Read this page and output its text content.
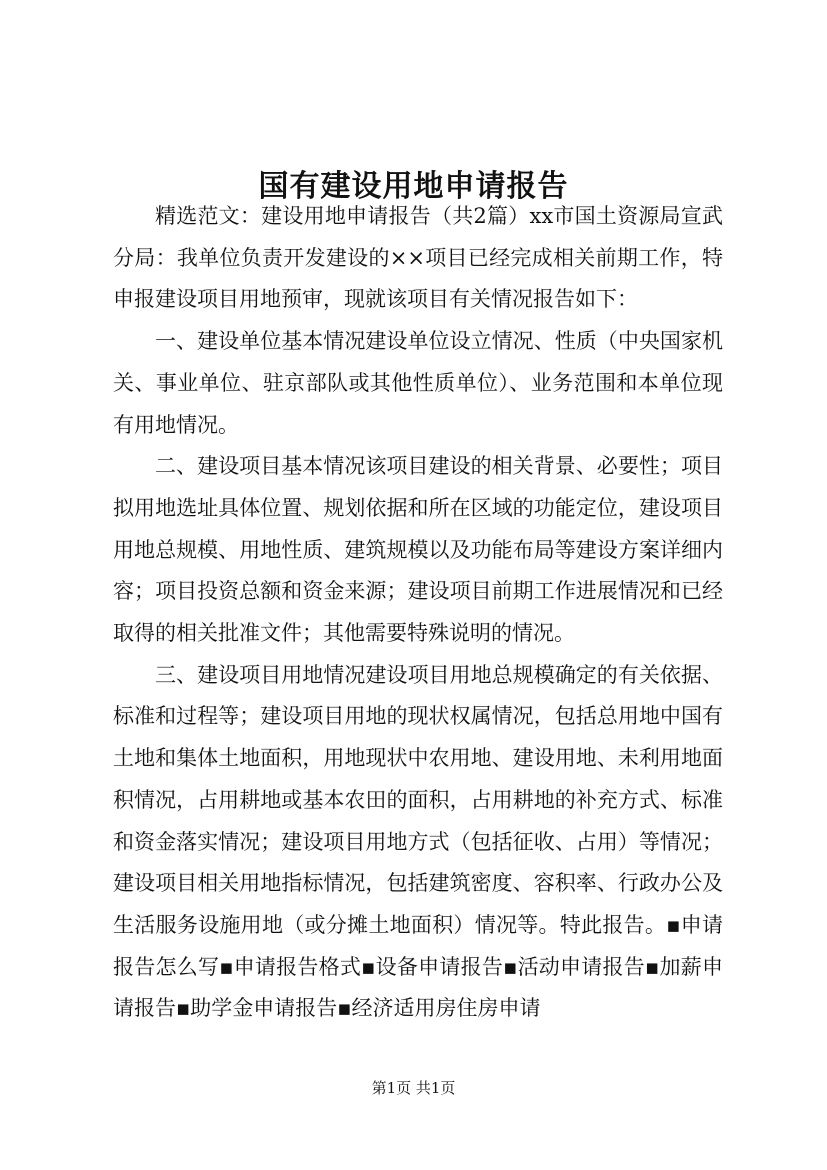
国有建设用地申请报告

精选范文：建设用地申请报告（共2篇）xx市国土资源局宣武分局：我单位负责开发建设的××项目已经完成相关前期工作，特申报建设项目用地预审，现就该项目有关情况报告如下：

一、建设单位基本情况建设单位设立情况、性质（中央国家机关、事业单位、驻京部队或其他性质单位）、业务范围和本单位现有用地情况。

二、建设项目基本情况该项目建设的相关背景、必要性；项目拟用地选址具体位置、规划依据和所在区域的功能定位，建设项目用地总规模、用地性质、建筑规模以及功能布局等建设方案详细内容；项目投资总额和资金来源；建设项目前期工作进展情况和已经取得的相关批准文件；其他需要特殊说明的情况。

三、建设项目用地情况建设项目用地总规模确定的有关依据、标准和过程等；建设项目用地的现状权属情况，包括总用地中国有土地和集体土地面积，用地现状中农用地、建设用地、未利用地面积情况，占用耕地或基本农田的面积，占用耕地的补充方式、标准和资金落实情况；建设项目用地方式（包括征收、占用）等情况；建设项目相关用地指标情况，包括建筑密度、容积率、行政办公及生活服务设施用地（或分摊土地面积）情况等。特此报告。▪申请报告怎么写▪申请报告格式▪设备申请报告▪活动申请报告▪加薪申请报告▪助学金申请报告▪经济适用房住房申请

第1页 共1页
